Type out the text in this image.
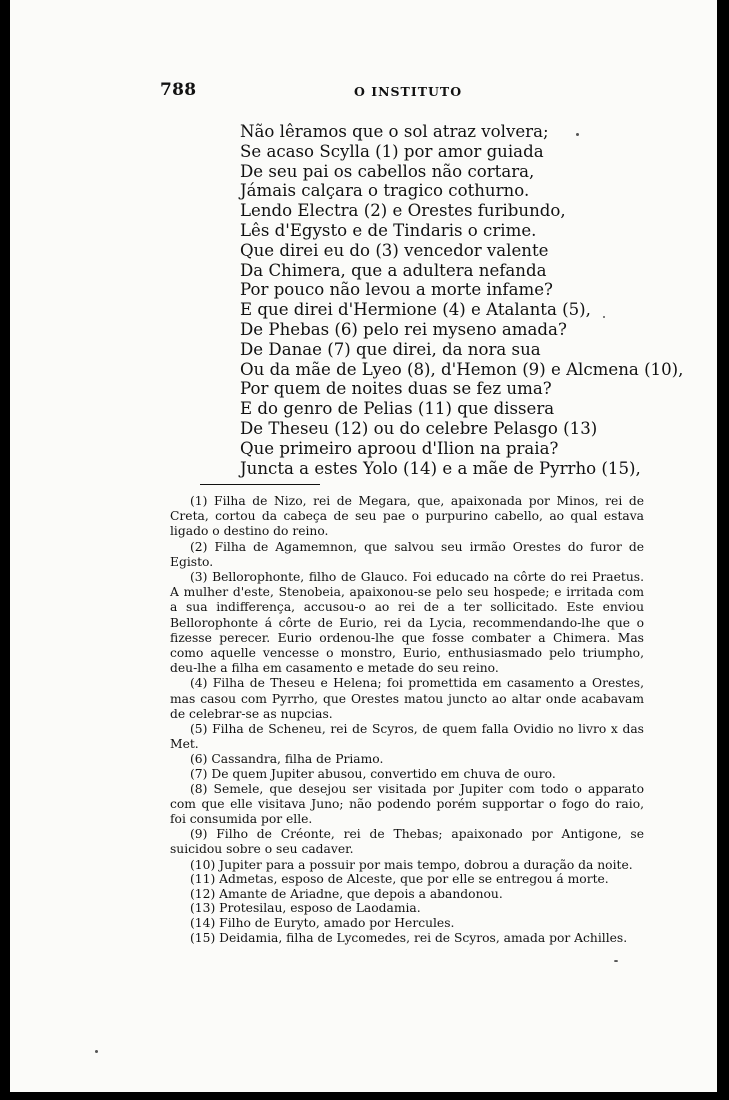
788	O INSTITUTO
Não lêramos que o sol atraz volvera;
Se acaso Scylla (1) por amor guiada
De seu pai os cabellos não cortara,
Jámais calçara o tragico cothurno.
Lendo Electra (2) e Orestes furibundo,
Lês d'Egysto e de Tindaris o crime.
Que direi eu do (3) vencedor valente
Da Chimera, que a adultera nefanda
Por pouco não levou a morte infame?
E que direi d'Hermione (4) e Atalanta (5),
De Phebas (6) pelo rei myseno amada?
De Danae (7) que direi, da nora sua
Ou da mãe de Lyeo (8), d'Hemon (9) e Alcmena (10),
Por quem de noites duas se fez uma?
E do genro de Pelias (11) que dissera
De Theseu (12) ou do celebre Pelasgo (13)
Que primeiro aproou d'Ilion na praia?
Juncta a estes Yolo (14) e a mãe de Pyrrho (15),

(1) Filha de Nizo, rei de Megara, que, apaixonada por Minos, rei de Creta, cortou da cabeça de seu pae o purpurino cabello, ao qual estava ligado o destino do reino.

(2) Filha de Agamemnon, que salvou seu irmão Orestes do furor de Egisto.

(3) Bellorophonte, filho de Glauco. Foi educado na côrte do rei Praetus. A mulher d'este, Stenobeia, apaixonou-se pelo seu hospede; e irritada com a sua indifferença, accusou-o ao rei de a ter sollicitado. Este enviou Bellorophonte á côrte de Eurio, rei da Lycia, recommendando-lhe que o fizesse perecer. Eurio ordenou-lhe que fosse combater a Chimera. Mas como aquelle vencesse o monstro, Eurio, enthusiasmado pelo triumpho, deu-lhe a filha em casamento e metade do seu reino.

(4) Filha de Theseu e Helena; foi promettida em casamento a Orestes, mas casou com Pyrrho, que Orestes matou juncto ao altar onde acabavam de celebrar-se as nupcias.

(5) Filha de Scheneu, rei de Scyros, de quem falla Ovidio no livro x das Met.

(6) Cassandra, filha de Priamo.

(7) De quem Jupiter abusou, convertido em chuva de ouro.

(8) Semele, que desejou ser visitada por Jupiter com todo o apparato com que elle visitava Juno; não podendo porém supportar o fogo do raio, foi consumida por elle.

(9) Filho de Créonte, rei de Thebas; apaixonado por Antigone, se suicidou sobre o seu cadaver.

(10) Jupiter para a possuir por mais tempo, dobrou a duração da noite.

(11) Admetas, esposo de Alceste, que por elle se entregou á morte.

(12) Amante de Ariadne, que depois a abandonou.

(13) Protesilau, esposo de Laodamia.

(14) Filho de Euryto, amado por Hercules.

(15) Deidamia, filha de Lycomedes, rei de Scyros, amada por Achilles.
